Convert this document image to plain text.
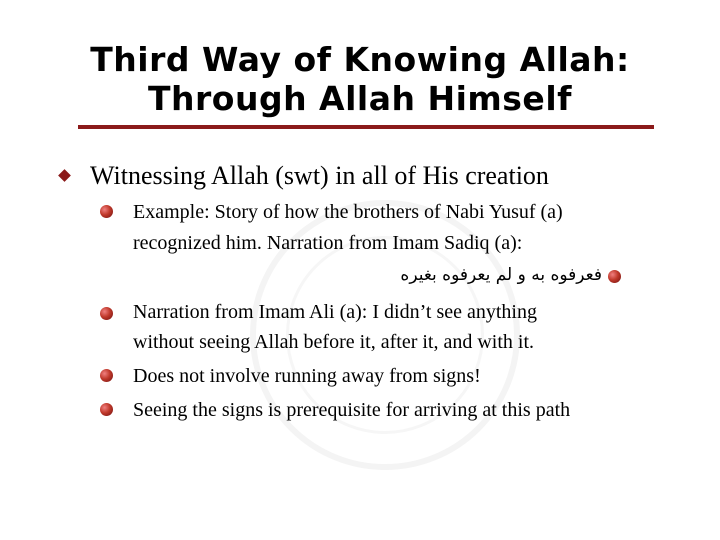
Third Way of Knowing Allah:
Through Allah Himself
Witnessing Allah (swt) in all of His creation
Example: Story of how the brothers of Nabi Yusuf (a)
recognized him. Narration from Imam Sadiq (a):
فعرفوه به و لم يعرفوه بغيره
Narration from Imam Ali (a): I didn’t see anything
without seeing Allah before it, after it, and with it.
Does not involve running away from signs!
Seeing the signs is prerequisite for arriving at this path
